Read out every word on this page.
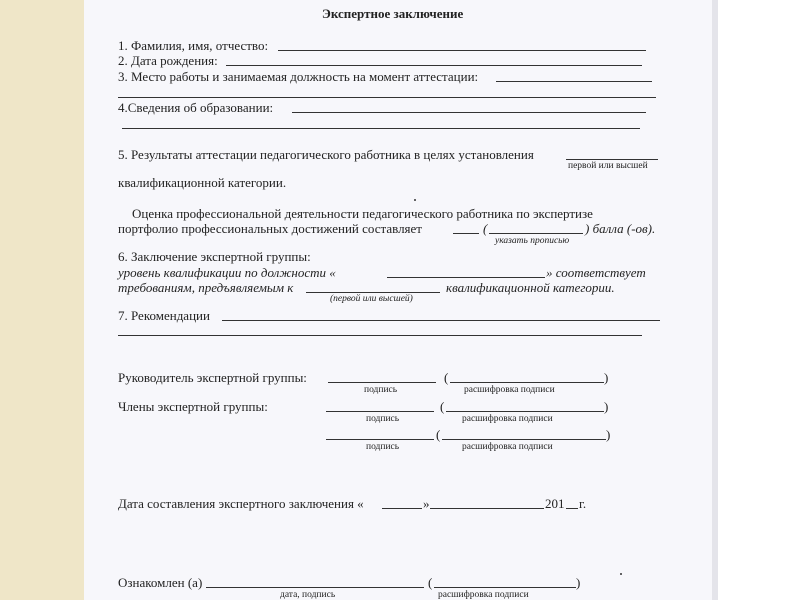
Экспертное заключение
1. Фамилия, имя, отчество:
2. Дата рождения:
3. Место работы и занимаемая должность на момент аттестации:
4.Сведения об образовании:
5. Результаты аттестации педагогического работника в целях установления
первой или высшей
квалификационной категории.
Оценка профессиональной деятельности педагогического работника по экспертизе
портфолио профессиональных достижений составляет	(	) балла (-ов).
указать прописью
6. Заключение экспертной группы:
уровень квалификации по должности «	» соответствует
требованиям, предъявляемым к	квалификационной категории.
(первой или высшей)
7. Рекомендации
Руководитель экспертной группы:	(	)
подпись	расшифровка подписи
Члены экспертной группы:	(	)
подпись	расшифровка подписи
(	)
подпись	расшифровка подписи
Дата составления экспертного заключения «	»	201 г.
Ознакомлен (а)	(	)
дата, подпись	расшифровка подписи
